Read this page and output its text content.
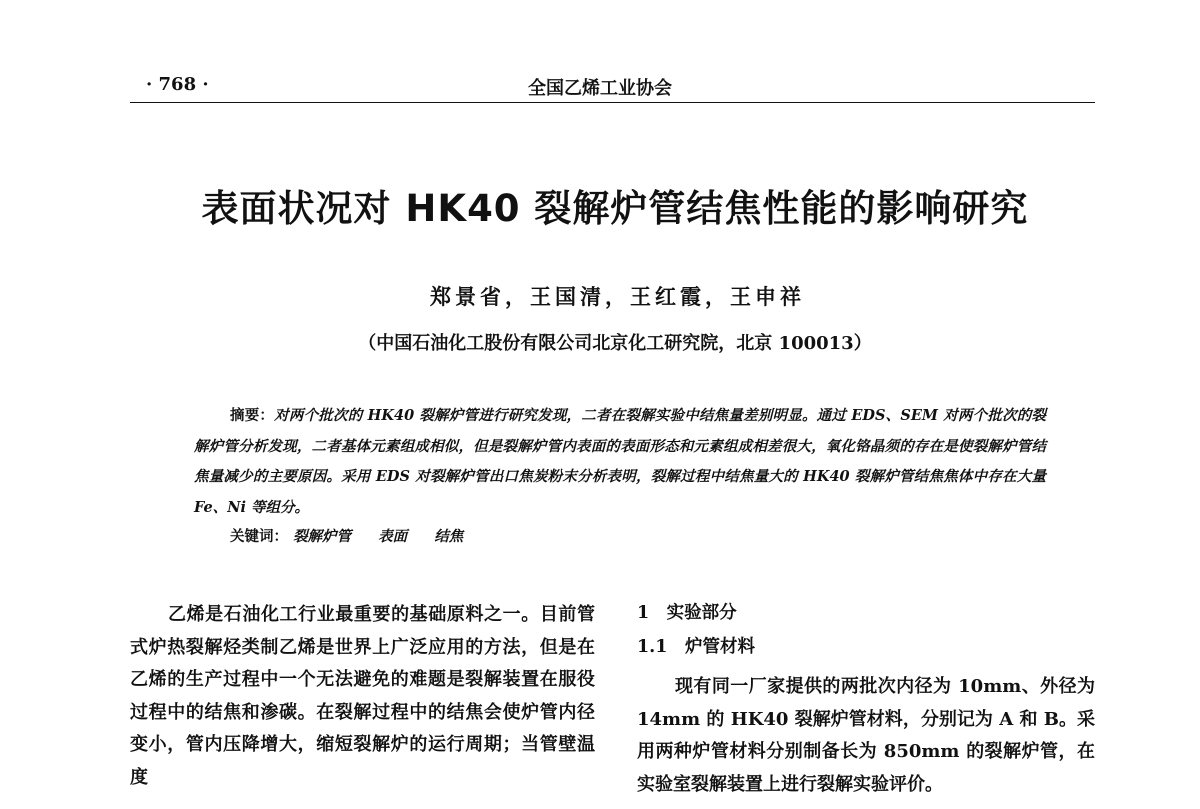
· 768 ·	全国乙烯工业协会
表面状况对 HK40 裂解炉管结焦性能的影响研究
郑景省，王国清，王红霞，王申祥
（中国石油化工股份有限公司北京化工研究院，北京 100013）

摘要：对两个批次的 HK40 裂解炉管进行研究发现，二者在裂解实验中结焦量差别明显。通过 EDS、SEM 对两个批次的裂解炉管分析发现，二者基体元素组成相似，但是裂解炉管内表面的表面形态和元素组成相差很大，氧化铬晶须的存在是使裂解炉管结焦量减少的主要原因。采用 EDS 对裂解炉管出口焦炭粉末分析表明，裂解过程中结焦量大的 HK40 裂解炉管结焦焦体中存在大量 Fe、Ni 等组分。

关键词： 裂解炉管 表面 结焦

乙烯是石油化工行业最重要的基础原料之一。目前管式炉热裂解烃类制乙烯是世界上广泛应用的方法，但是在乙烯的生产过程中一个无法避免的难题是裂解装置在服役过程中的结焦和渗碳。在裂解过程中的结焦会使炉管内径变小，管内压降增大，缩短裂解炉的运行周期；当管壁温度

1　实验部分
1.1　炉管材料

现有同一厂家提供的两批次内径为 10mm、外径为 14mm 的 HK40 裂解炉管材料，分别记为 A 和 B。采用两种炉管材料分别制备长为 850mm 的裂解炉管，在实验室裂解装置上进行裂解实验评价。
